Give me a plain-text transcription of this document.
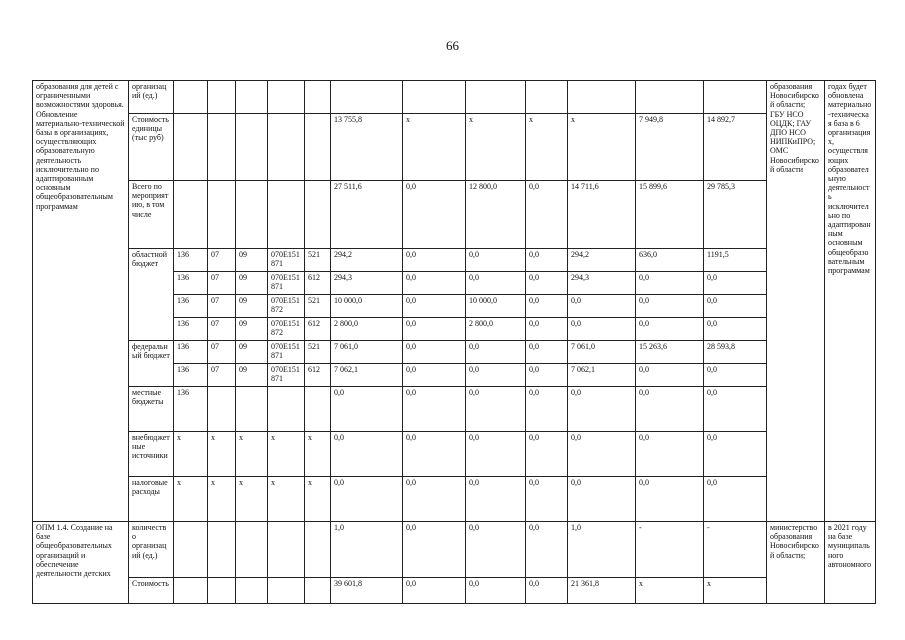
66
образования для детей с ограниченными возможностями здоровья. Обновление материально-технической базы в организациях, осуществляющих образовательную деятельность исключительно по адаптированным основным общеобразовательным программам	организаций (ед.)													образования Новосибирской области; ГБУ НСО ОЦДК; ГАУ ДПО НСО НИПКиПРО; ОМС Новосибирской области	годах будет обновлена материально-техническая база в 6 организациях, осуществляющих образовательную деятельность исключительно по адаптированным основным общеобразовательным программам

	Стоимость единицы (тыс руб)						13 755,8	х	х	х	х	7 949,8	14 892,7		

	Всего по мероприятию, в том числе						27 511,6	0,0	12 800,0	0,0	14 711,6	15 899,6	29 785,3		

	областной бюджет	136	07	09	070E151871	521	294,2	0,0	0,0	0,0	294,2	636,0	1191,5		

		136	07	09	070E151871	612	294,3	0,0	0,0	0,0	294,3	0,0	0,0		

		136	07	09	070E151872	521	10 000,0	0,0	10 000,0	0,0	0,0	0,0	0,0		

		136	07	09	070E151872	612	2 800,0	0,0	2 800,0	0,0	0,0	0,0	0,0		

	федеральный бюджет	136	07	09	070E151871	521	7 061,0	0,0	0,0	0,0	7 061,0	15 263,6	28 593,8		

		136	07	09	070E151871	612	7 062,1	0,0	0,0	0,0	7 062,1	0,0	0,0		

	местные бюджеты	136					0,0	0,0	0,0	0,0	0,0	0,0	0,0		

	внебюджетные источники	х	х	х	х	х	0,0	0,0	0,0	0,0	0,0	0,0	0,0		

	налоговые расходы	х	х	х	х	х	0,0	0,0	0,0	0,0	0,0	0,0	0,0		

ОПМ 1.4. Создание на базе общеобразовательных организаций и обеспечение деятельности детских	количество организаций (ед.)						1,0	0,0	0,0	0,0	1,0	-	-	министерство образования Новосибирской области;	в 2021 году на базе муниципального автономного

	Стоимость						39 601,8	0,0	0,0	0,0	21 361,8	х	х		
